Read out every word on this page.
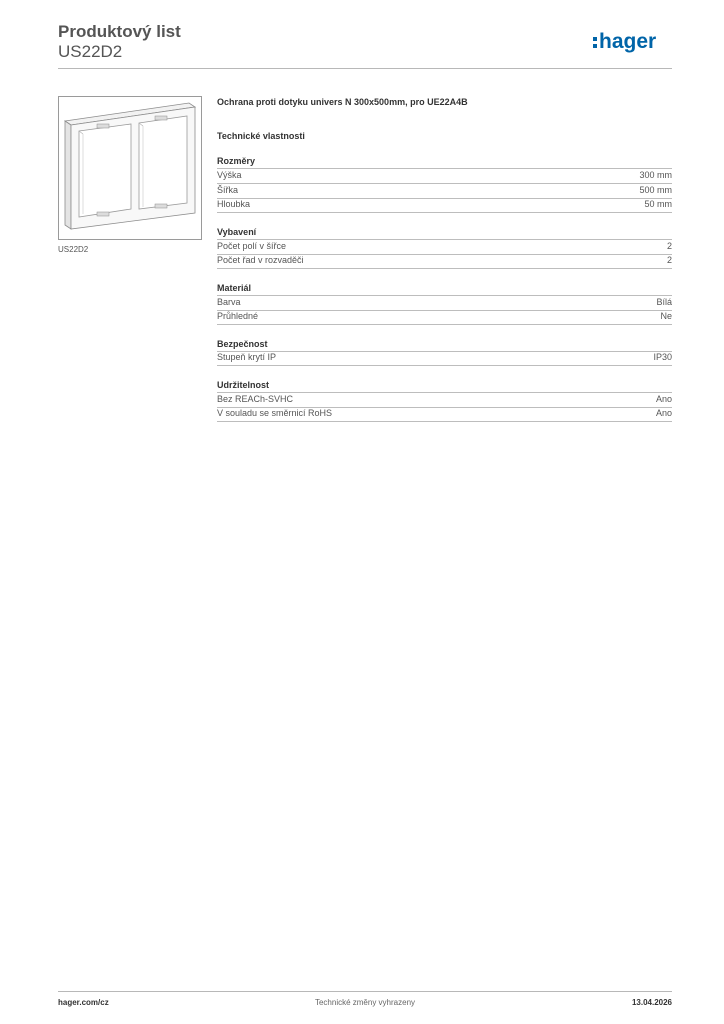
Produktový list
US22D2	hager
US22D2
Ochrana proti dotyku univers N 300x500mm, pro UE22A4B
Technické vlastnosti
Rozměry
Výška	300 mm
Šířka	500 mm
Hloubka	50 mm
Vybavení
Počet polí v šířce	2
Počet řad v rozvaděči	2
Materiál
Barva	Bílá
Průhledné	Ne
Bezpečnost
Stupeň krytí IP	IP30
Udržitelnost
Bez REACh-SVHC	Ano
V souladu se směrnicí RoHS	Ano
Technické změny vyhrazeny
hager.com/cz	13.04.2026
